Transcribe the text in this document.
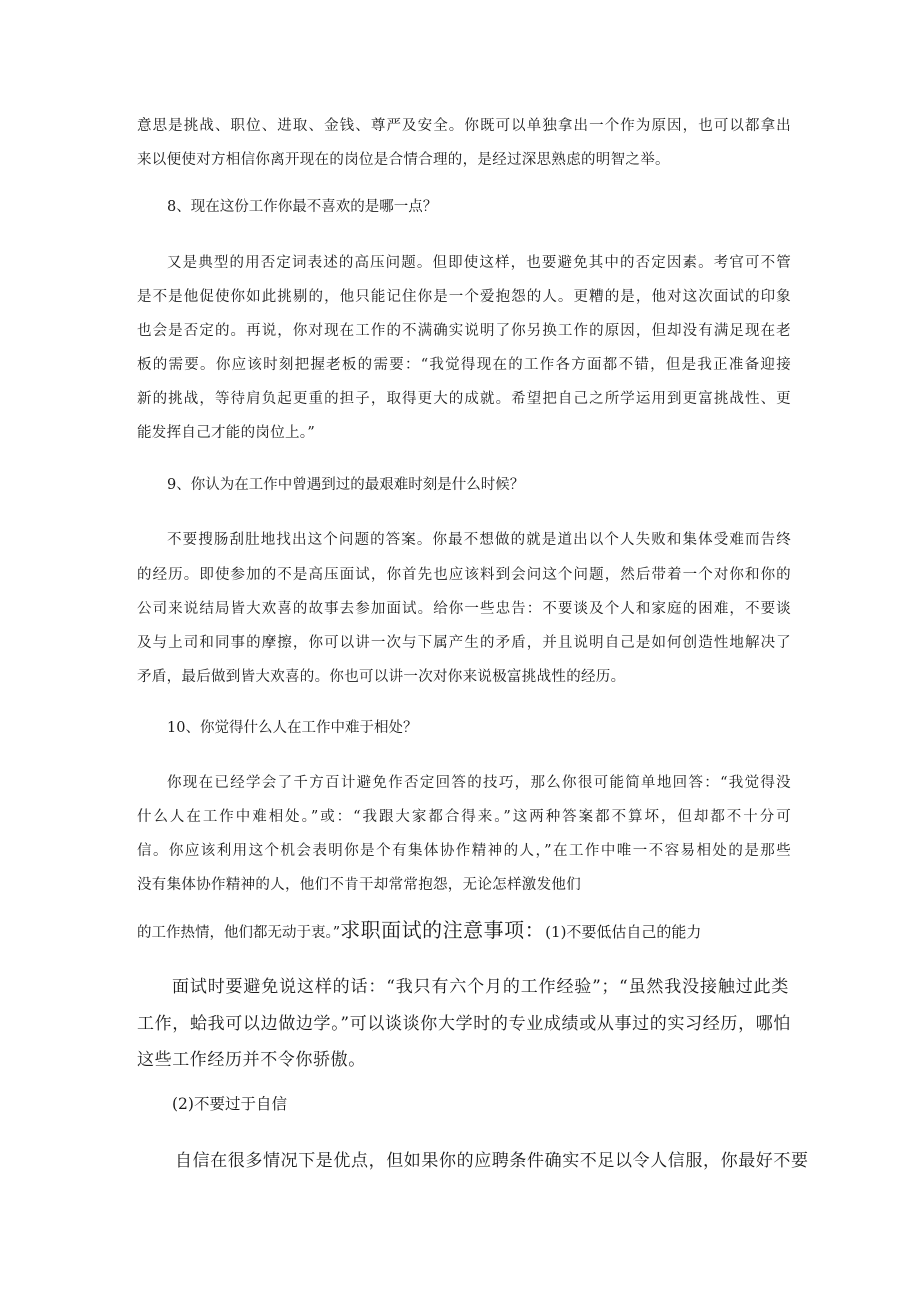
意思是挑战、职位、进取、金钱、尊严及安全。你既可以单独拿出一个作为原因，也可以都拿出
来以便使对方相信你离开现在的岗位是合情合理的，是经过深思熟虑的明智之举。
8、现在这份工作你最不喜欢的是哪一点？
又是典型的用否定词表述的高压问题。但即使这样，也要避免其中的否定因素。考官可不管
是不是他促使你如此挑剔的，他只能记住你是一个爱抱怨的人。更糟的是，他对这次面试的印象
也会是否定的。再说，你对现在工作的不满确实说明了你另换工作的原因，但却没有满足现在老
板的需要。你应该时刻把握老板的需要：“我觉得现在的工作各方面都不错，但是我正准备迎接
新的挑战，等待肩负起更重的担子，取得更大的成就。希望把自己之所学运用到更富挑战性、更
能发挥自己才能的岗位上。”
9、你认为在工作中曾遇到过的最艰难时刻是什么时候？
不要搜肠刮肚地找出这个问题的答案。你最不想做的就是道出以个人失败和集体受难而告终
的经历。即使参加的不是高压面试，你首先也应该料到会问这个问题，然后带着一个对你和你的
公司来说结局皆大欢喜的故事去参加面试。给你一些忠告：不要谈及个人和家庭的困难，不要谈
及与上司和同事的摩擦，你可以讲一次与下属产生的矛盾，并且说明自己是如何创造性地解决了
矛盾，最后做到皆大欢喜的。你也可以讲一次对你来说极富挑战性的经历。
10、你觉得什么人在工作中难于相处？
你现在已经学会了千方百计避免作否定回答的技巧，那么你很可能简单地回答：“我觉得没
什么人在工作中难相处。”或：“我跟大家都合得来。”这两种答案都不算坏，但却都不十分可
信。你应该利用这个机会表明你是个有集体协作精神的人，”在工作中唯一不容易相处的是那些
没有集体协作精神的人，他们不肯干却常常抱怨，无论怎样激发他们
的工作热情，他们都无动于衷。”求职面试的注意事项：(1)不要低估自己的能力
面试时要避免说这样的话：“我只有六个月的工作经验”；“虽然我没接触过此类
工作，蛤我可以边做边学。”可以谈谈你大学时的专业成绩或从事过的实习经历，哪怕
这些工作经历并不令你骄傲。
(2)不要过于自信
自信在很多情况下是优点，但如果你的应聘条件确实不足以令人信服，你最好不要
